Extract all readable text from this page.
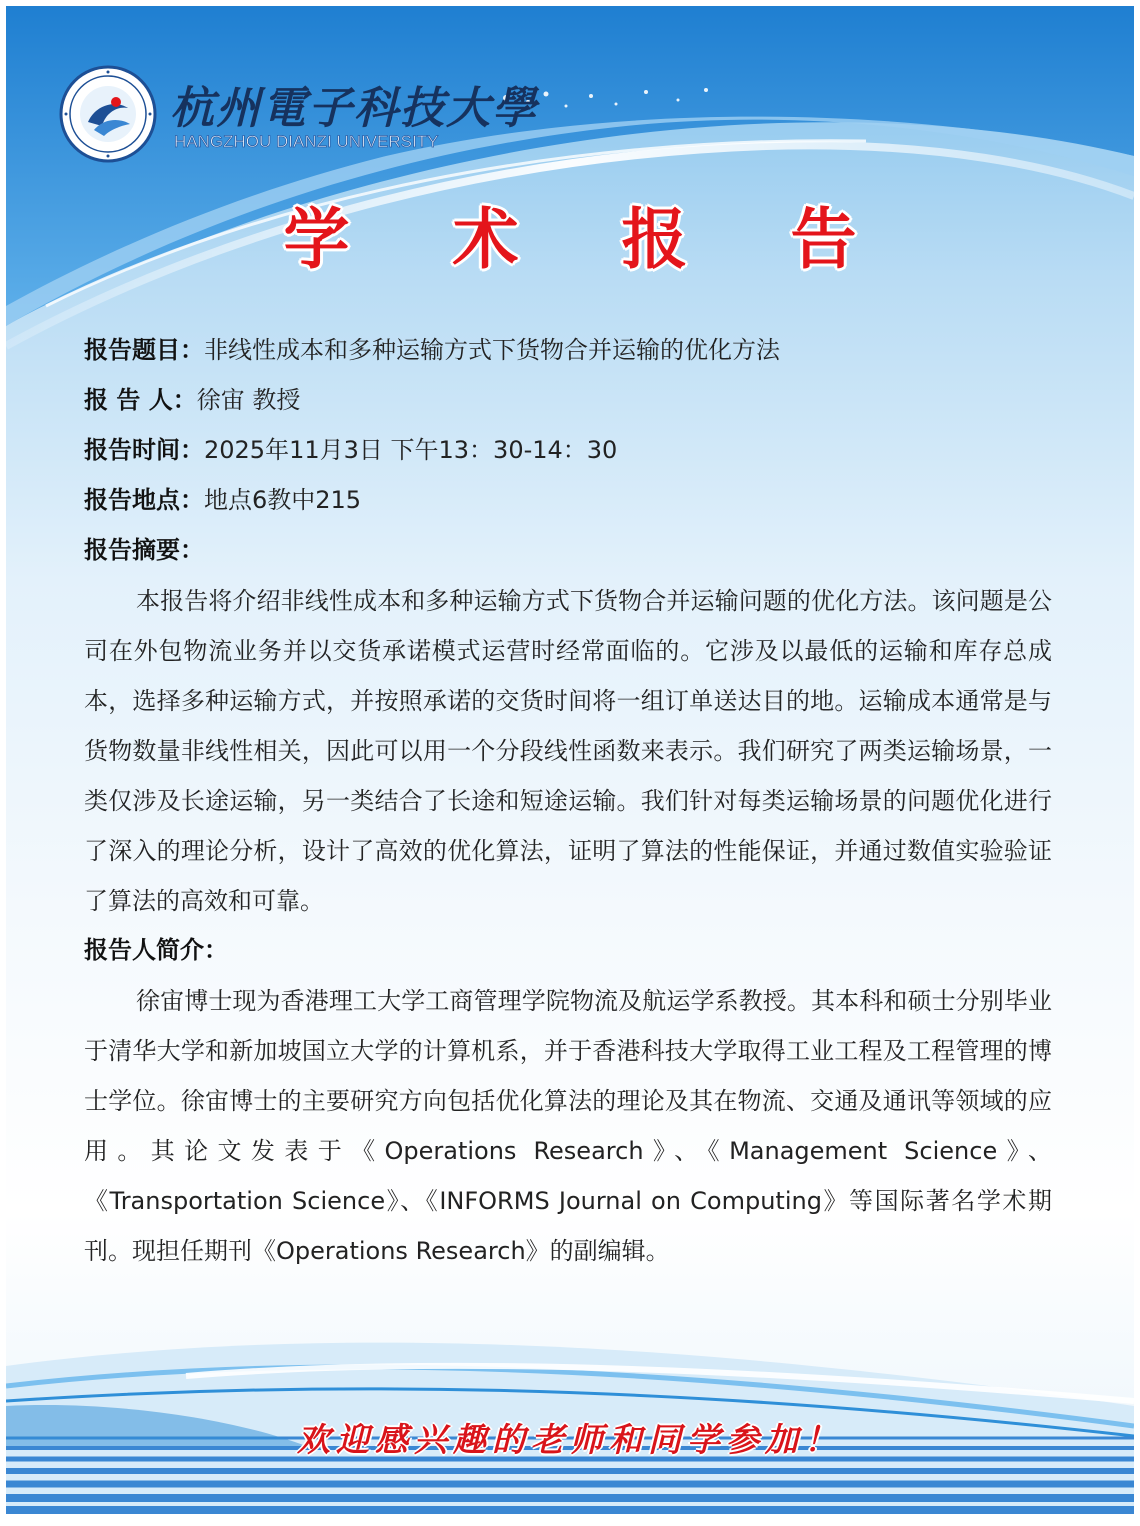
杭州電子科技大學
HANGZHOU DIANZI UNIVERSITY
学 术 报 告
报告题目：非线性成本和多种运输方式下货物合并运输的优化方法
报 告 人：徐宙 教授
报告时间：2025年11月3日 下午13：30-14：30
报告地点：地点6教中215
报告摘要：

本报告将介绍非线性成本和多种运输方式下货物合并运输问题的优化方法。该问题是公司在外包物流业务并以交货承诺模式运营时经常面临的。它涉及以最低的运输和库存总成本，选择多种运输方式，并按照承诺的交货时间将一组订单送达目的地。运输成本通常是与货物数量非线性相关，因此可以用一个分段线性函数来表示。我们研究了两类运输场景，一类仅涉及长途运输，另一类结合了长途和短途运输。我们针对每类运输场景的问题优化进行了深入的理论分析，设计了高效的优化算法，证明了算法的性能保证，并通过数值实验验证了算法的高效和可靠。

报告人简介：

徐宙博士现为香港理工大学工商管理学院物流及航运学系教授。其本科和硕士分别毕业于清华大学和新加坡国立大学的计算机系，并于香港科技大学取得工业工程及工程管理的博士学位。徐宙博士的主要研究方向包括优化算法的理论及其在物流、交通及通讯等领域的应用。其论文发表于《Operations Research》、《Management Science》、《Transportation Science》、《INFORMS Journal on Computing》等国际著名学术期刊。现担任期刊《Operations Research》的副编辑。

欢迎感兴趣的老师和同学参加！
